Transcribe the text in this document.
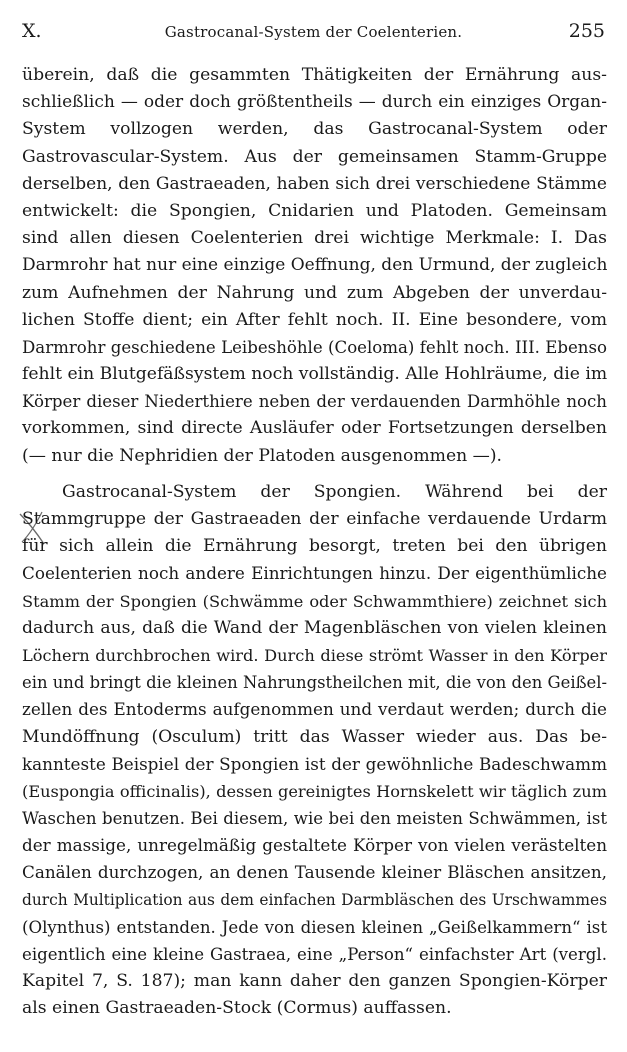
X.	Gastrocanal-System der Coelenterien.	255
überein, daß die gesammten Thätigkeiten der Ernährung aus-
schließlich — oder doch größtentheils — durch ein einziges Organ-
System vollzogen werden, das Gastrocanal-System oder
Gastrovascular-System. Aus der gemeinsamen Stamm-Gruppe
derselben, den Gastraeaden, haben sich drei verschiedene Stämme
entwickelt: die Spongien, Cnidarien und Platoden. Gemeinsam
sind allen diesen Coelenterien drei wichtige Merkmale: I. Das
Darmrohr hat nur eine einzige Oeffnung, den Urmund, der zugleich
zum Aufnehmen der Nahrung und zum Abgeben der unverdau-
lichen Stoffe dient; ein After fehlt noch. II. Eine besondere, vom
Darmrohr geschiedene Leibeshöhle (Coeloma) fehlt noch. III. Ebenso
fehlt ein Blutgefäßsystem noch vollständig. Alle Hohlräume, die im
Körper dieser Niederthiere neben der verdauenden Darmhöhle noch
vorkommen, sind directe Ausläufer oder Fortsetzungen derselben
(— nur die Nephridien der Platoden ausgenommen —).
Gastrocanal-System der Spongien. Während bei der
Stammgruppe der Gastraeaden der einfache verdauende Urdarm
für sich allein die Ernährung besorgt, treten bei den übrigen
Coelenterien noch andere Einrichtungen hinzu. Der eigenthümliche
Stamm der Spongien (Schwämme oder Schwammthiere) zeichnet sich
dadurch aus, daß die Wand der Magenbläschen von vielen kleinen
Löchern durchbrochen wird. Durch diese strömt Wasser in den Körper
ein und bringt die kleinen Nahrungstheilchen mit, die von den Geißel-
zellen des Entoderms aufgenommen und verdaut werden; durch die
Mundöffnung (Osculum) tritt das Wasser wieder aus. Das be-
kannteste Beispiel der Spongien ist der gewöhnliche Badeschwamm
(Euspongia officinalis), dessen gereinigtes Hornskelett wir täglich zum
Waschen benutzen. Bei diesem, wie bei den meisten Schwämmen, ist
der massige, unregelmäßig gestaltete Körper von vielen verästelten
Canälen durchzogen, an denen Tausende kleiner Bläschen ansitzen,
durch Multiplication aus dem einfachen Darmbläschen des Urschwammes
(Olynthus) entstanden. Jede von diesen kleinen „Geißelkammern“ ist
eigentlich eine kleine Gastraea, eine „Person“ einfachster Art (vergl.
Kapitel 7, S. 187); man kann daher den ganzen Spongien-Körper
als einen Gastraeaden-Stock (Cormus) auffassen.
